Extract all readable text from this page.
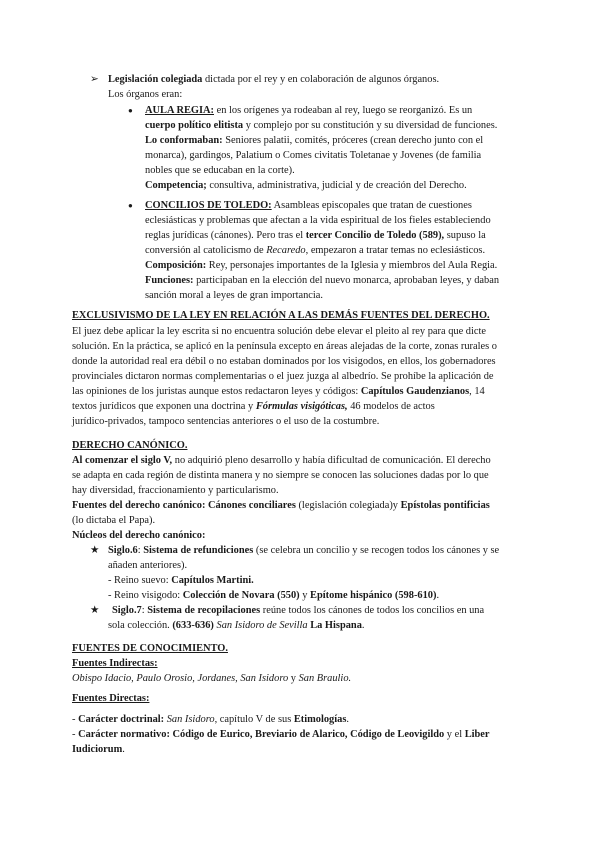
➢ Legislación colegiada dictada por el rey y en colaboración de algunos órganos.
Los órganos eran:
● AULA REGIA: en los orígenes ya rodeaban al rey, luego se reorganizó. Es un
cuerpo político elitista y complejo por su constitución y su diversidad de funciones.
Lo conformaban: Seniores palatii, comités, próceres (crean derecho junto con el
monarca), gardingos, Palatium o Comes civitatis Toletanae y Jovenes (de familia
nobles que se educaban en la corte).
Competencia; consultiva, administrativa, judicial y de creación del Derecho.
● CONCILIOS DE TOLEDO: Asambleas episcopales que tratan de cuestiones
eclesiásticas y problemas que afectan a la vida espiritual de los fieles estableciendo
reglas jurídicas (cánones). Pero tras el tercer Concilio de Toledo (589), supuso la
conversión al catolicismo de Recaredo, empezaron a tratar temas no eclesiásticos.
Composición: Rey, personajes importantes de la Iglesia y miembros del Aula Regia.
Funciones: participaban en la elección del nuevo monarca, aprobaban leyes, y daban
sanción moral a leyes de gran importancia.
EXCLUSIVISMO DE LA LEY EN RELACIÓN A LAS DEMÁS FUENTES DEL DERECHO.
El juez debe aplicar la ley escrita si no encuentra solución debe elevar el pleito al rey para que dicte
solución. En la práctica, se aplicó en la península excepto en áreas alejadas de la corte, zonas rurales o
donde la autoridad real era débil o no estaban dominados por los visigodos, en ellos, los gobernadores
provinciales dictaron normas complementarias o el juez juzga al albedrío. Se prohíbe la aplicación de
las opiniones de los juristas aunque estos redactaron leyes y códigos: Capítulos Gaudenzianos, 14
textos jurídicos que exponen una doctrina y Fórmulas visigóticas, 46 modelos de actos
jurídico-privados, tampoco sentencias anteriores o el uso de la costumbre.
DERECHO CANÓNICO.
Al comenzar el siglo V, no adquirió pleno desarrollo y había dificultad de comunicación. El derecho
se adapta en cada región de distinta manera y no siempre se conocen las soluciones dadas por lo que
hay diversidad, fraccionamiento y particularismo.
Fuentes del derecho canónico: Cánones conciliares (legislación colegiada)y Epístolas pontificias
(lo dictaba el Papa).
Núcleos del derecho canónico:
★ Siglo.6: Sistema de refundiciones (se celebra un concilio y se recogen todos los cánones y se
añaden anteriores).
- Reino suevo: Capítulos Martini.
- Reino visigodo: Colección de Novara (550) y Epítome hispánico (598-610).
★ Siglo.7: Sistema de recopilaciones reúne todos los cánones de todos los concilios en una
sola colección. (633-636) San Isidoro de Sevilla La Hispana.
FUENTES DE CONOCIMIENTO.
Fuentes Indirectas:
Obispo Idacio, Paulo Orosio, Jordanes, San Isidoro y San Braulio.
Fuentes Directas:
- Carácter doctrinal: San Isidoro, capítulo V de sus Etimologías.
- Carácter normativo: Código de Eurico, Breviario de Alarico, Código de Leovigildo y el Liber
Iudiciorum.
